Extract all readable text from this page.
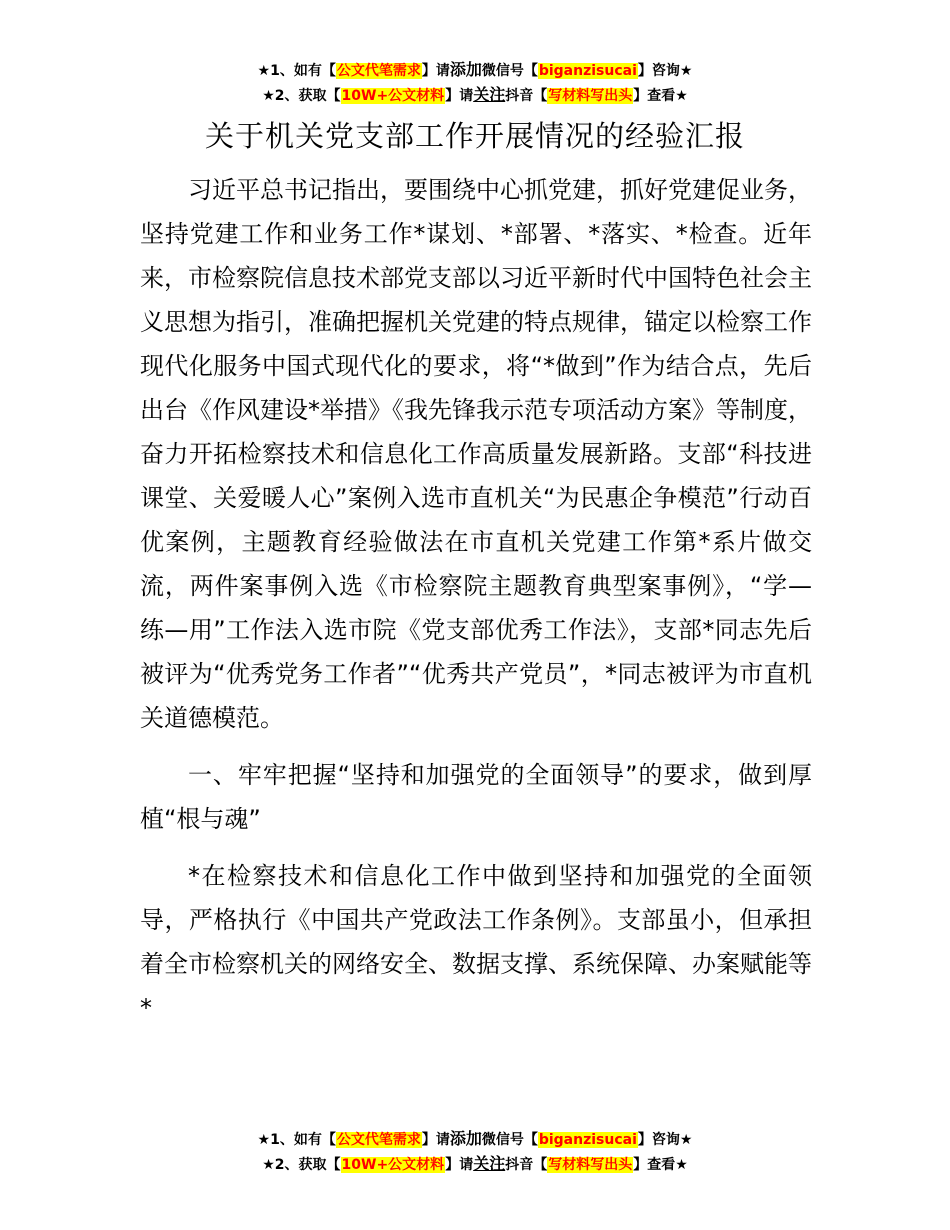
★1、如有【公文代笔需求】请添加微信号【biganzisucai】咨询★
★2、获取【10W+公文材料】请关注抖音【写材料写出头】查看★
关于机关党支部工作开展情况的经验汇报

习近平总书记指出，要围绕中心抓党建，抓好党建促业务，坚持党建工作和业务工作*谋划、*部署、*落实、*检查。近年来，市检察院信息技术部党支部以习近平新时代中国特色社会主义思想为指引，准确把握机关党建的特点规律，锚定以检察工作现代化服务中国式现代化的要求，将“*做到”作为结合点，先后出台《作风建设*举措》《我先锋我示范专项活动方案》等制度，奋力开拓检察技术和信息化工作高质量发展新路。支部“科技进课堂、关爱暖人心”案例入选市直机关“为民惠企争模范”行动百优案例，主题教育经验做法在市直机关党建工作第*系片做交流，两件案事例入选《市检察院主题教育典型案事例》，“学—练—用”工作法入选市院《党支部优秀工作法》，支部*同志先后被评为“优秀党务工作者”“优秀共产党员”，*同志被评为市直机关道德模范。

一、牢牢把握“坚持和加强党的全面领导”的要求，做到厚植“根与魂”

*在检察技术和信息化工作中做到坚持和加强党的全面领导，严格执行《中国共产党政法工作条例》。支部虽小，但承担着全市检察机关的网络安全、数据支撑、系统保障、办案赋能等*

★1、如有【公文代笔需求】请添加微信号【biganzisucai】咨询★
★2、获取【10W+公文材料】请关注抖音【写材料写出头】查看★
